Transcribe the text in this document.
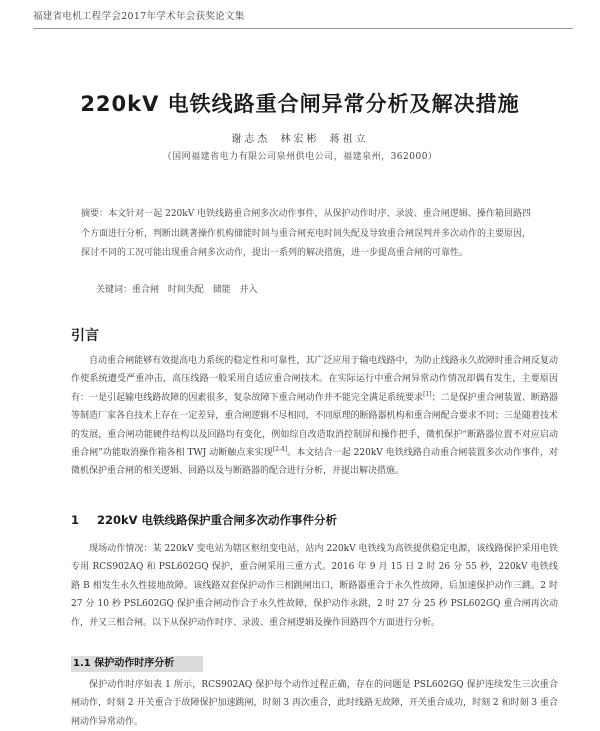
福建省电机工程学会2017年学术年会获奖论文集
220kV 电铁线路重合闸异常分析及解决措施
谢志杰 林宏彬 蒋祖立
（国网福建省电力有限公司泉州供电公司，福建泉州，362000）
摘要：本文针对一起 220kV 电铁线路重合闸多次动作事件，从保护动作时序、录波、重合闸逻辑、操作箱回路四个方面进行分析，判断出跳著操作机构储能时间与重合闸充电时间失配及导致重合闸误判并多次动作的主要原因，探讨不同的工况可能出现重合闸多次动作，提出一系列的解决措施，进一步提高重合闸的可靠性。
关键词：重合闸 时间失配 储能 并入
引言
自动重合闸能够有效提高电力系统的稳定性和可靠性，其广泛应用于输电线路中，为防止线路永久故障时重合闸反复动作使系统遭受严重冲击，高压线路一般采用自适应重合闸技术。在实际运行中重合闸异常动作情况却偶有发生，主要原因有：一是引起输电线路故障的因素很多，复杂故障下重合闸动作并不能完全满足系统要求[1]；二是保护重合闸装置、断路器等制造厂家各自技术上存在一定差异，重合闸逻辑不尽相同，不同原理的断路器机构和重合闸配合要求不同；三是随着技术的发展，重合闸功能硬件结构以及回路均有变化，例如综自改造取消控制屏和操作把手，微机保护“断路器位置不对应启动重合闸”功能取消操作箱各相 TWJ 动断触点来实现[2-4]。本文结合一起 220kV 电铁线路自动重合闸装置多次动作事件，对微机保护重合闸的相关逻辑、回路以及与断路器的配合进行分析，并提出解决措施。
1 220kV 电铁线路保护重合闸多次动作事件分析
现场动作情况：某 220kV 变电站为辖区枢纽变电站，站内 220kV 电铁线为高铁提供稳定电源，该线路保护采用电铁专用 RCS902AQ 和 PSL602GQ 保护，重合闸采用三重方式。2016 年 9 月 15 日 2 时 26 分 55 秒，220kV 电铁线路 B 相发生永久性接地故障。该线路双套保护动作三相跳闸出口，断路器重合于永久性故障，后加速保护动作三跳。2 时 27 分 10 秒 PSL602GQ 保护重合闸动作合于永久性故障，保护动作永跳，2 时 27 分 25 秒 PSL602GQ 重合闸再次动作，并又三相合闸。以下从保护动作时序、录波、重合闸逻辑及操作回路四个方面进行分析。
1.1 保护动作时序分析
保护动作时序如表 1 所示，RCS902AQ 保护每个动作过程正确，存在的问题是 PSL602GQ 保护连续发生三次重合闸动作，时刻 2 开关重合于故障保护加速跳闸，时刻 3 再次重合，此时线路无故障，开关重合成功，时刻 2 和时刻 3 重合闸动作异常动作。
